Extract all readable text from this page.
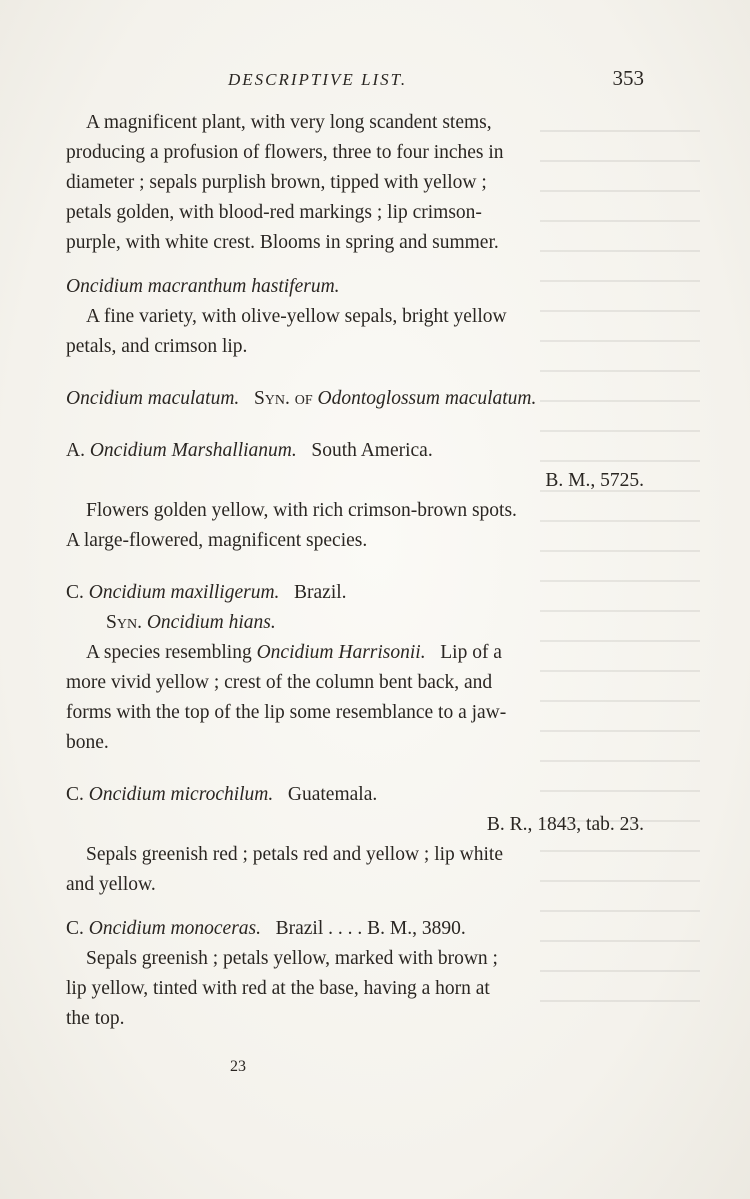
DESCRIPTIVE LIST.	353

A magnificent plant, with very long scandent stems,

producing a profusion of flowers, three to four inches in

diameter ; sepals purplish brown, tipped with yellow ;

petals golden, with blood-red markings ; lip crimson-

purple, with white crest. Blooms in spring and summer.

Oncidium macranthum hastiferum.

A fine variety, with olive-yellow sepals, bright yellow

petals, and crimson lip.

Oncidium maculatum. Syn. of Odontoglossum maculatum.

A. Oncidium Marshallianum. South America.

B. M., 5725.

Flowers golden yellow, with rich crimson-brown spots.

A large-flowered, magnificent species.

C. Oncidium maxilligerum. Brazil.

Syn. Oncidium hians.

A species resembling Oncidium Harrisonii. Lip of a

more vivid yellow ; crest of the column bent back, and

forms with the top of the lip some resemblance to a jaw-

bone.

C. Oncidium microchilum. Guatemala.

B. R., 1843, tab. 23.

Sepals greenish red ; petals red and yellow ; lip white

and yellow.

C. Oncidium monoceras. Brazil . . . . B. M., 3890.

Sepals greenish ; petals yellow, marked with brown ;

lip yellow, tinted with red at the base, having a horn at

the top.

23
